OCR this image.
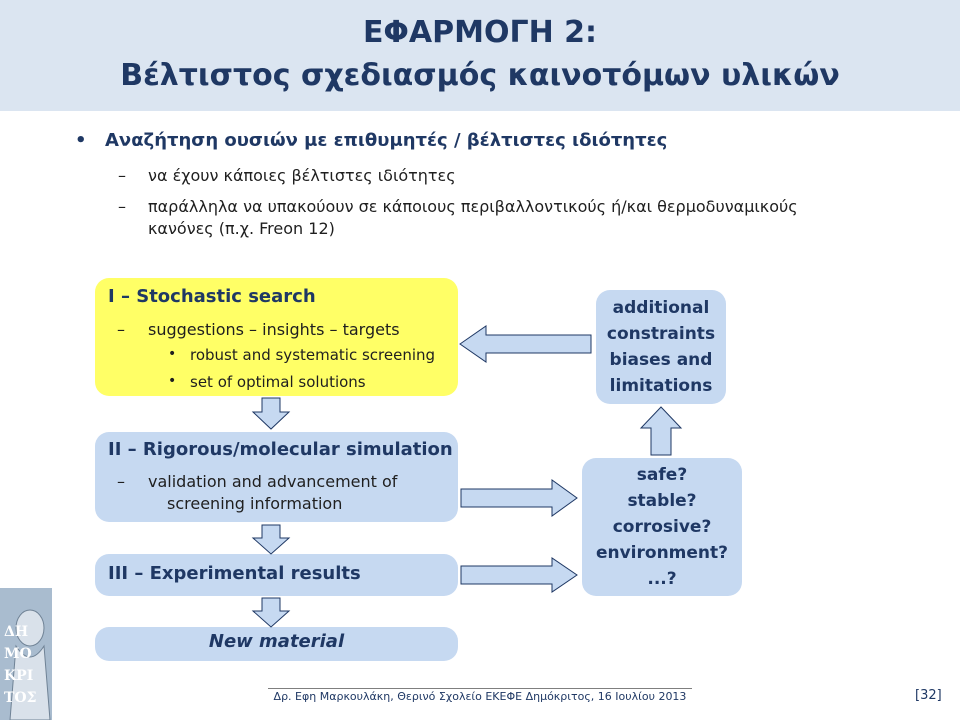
ΕΦΑΡΜΟΓΗ 2:
Βέλτιστος σχεδιασμός καινοτόμων υλικών
• Αναζήτηση ουσιών με επιθυμητές / βέλτιστες ιδιότητες
– να έχουν κάποιες βέλτιστες ιδιότητες
– παράλληλα να υπακούουν σε κάποιους περιβαλλοντικούς ή/και θερμοδυναμικούς
κανόνες (π.χ. Freon 12)
I – Stochastic search
– suggestions – insights – targets
• robust and systematic screening
• set of optimal solutions
II – Rigorous/molecular simulation
– validation and advancement of
screening information
III – Experimental results
New material
additional
constraints
biases and
limitations
safe?
stable?
corrosive?
environment?
...?
ΔΗ
ΜΟ
ΚΡΙ
ΤΟΣ	Δρ. Εφη Μαρκουλάκη, Θερινό Σχολείο ΕΚΕΦΕ Δημόκριτος, 16 Ιουλίου 2013	[32]
